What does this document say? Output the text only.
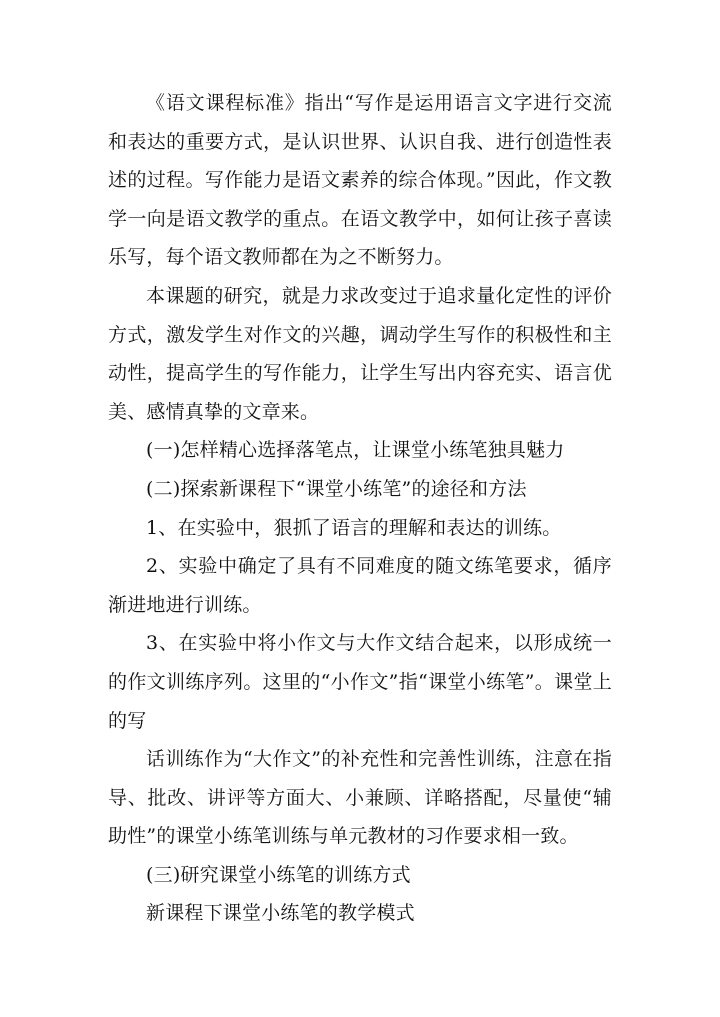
《语文课程标准》指出“写作是运用语言文字进行交流和表达的重要方式，是认识世界、认识自我、进行创造性表述的过程。写作能力是语文素养的综合体现。”因此，作文教学一向是语文教学的重点。在语文教学中，如何让孩子喜读乐写，每个语文教师都在为之不断努力。

本课题的研究，就是力求改变过于追求量化定性的评价方式，激发学生对作文的兴趣，调动学生写作的积极性和主动性，提高学生的写作能力，让学生写出内容充实、语言优美、感情真挚的文章来。

(一)怎样精心选择落笔点，让课堂小练笔独具魅力

(二)探索新课程下“课堂小练笔”的途径和方法

1、在实验中，狠抓了语言的理解和表达的训练。

2、实验中确定了具有不同难度的随文练笔要求，循序渐进地进行训练。

3、在实验中将小作文与大作文结合起来，以形成统一的作文训练序列。这里的“小作文”指“课堂小练笔”。课堂上的写

话训练作为“大作文”的补充性和完善性训练，注意在指导、批改、讲评等方面大、小兼顾、详略搭配，尽量使“辅助性”的课堂小练笔训练与单元教材的习作要求相一致。

(三)研究课堂小练笔的训练方式

新课程下课堂小练笔的教学模式
